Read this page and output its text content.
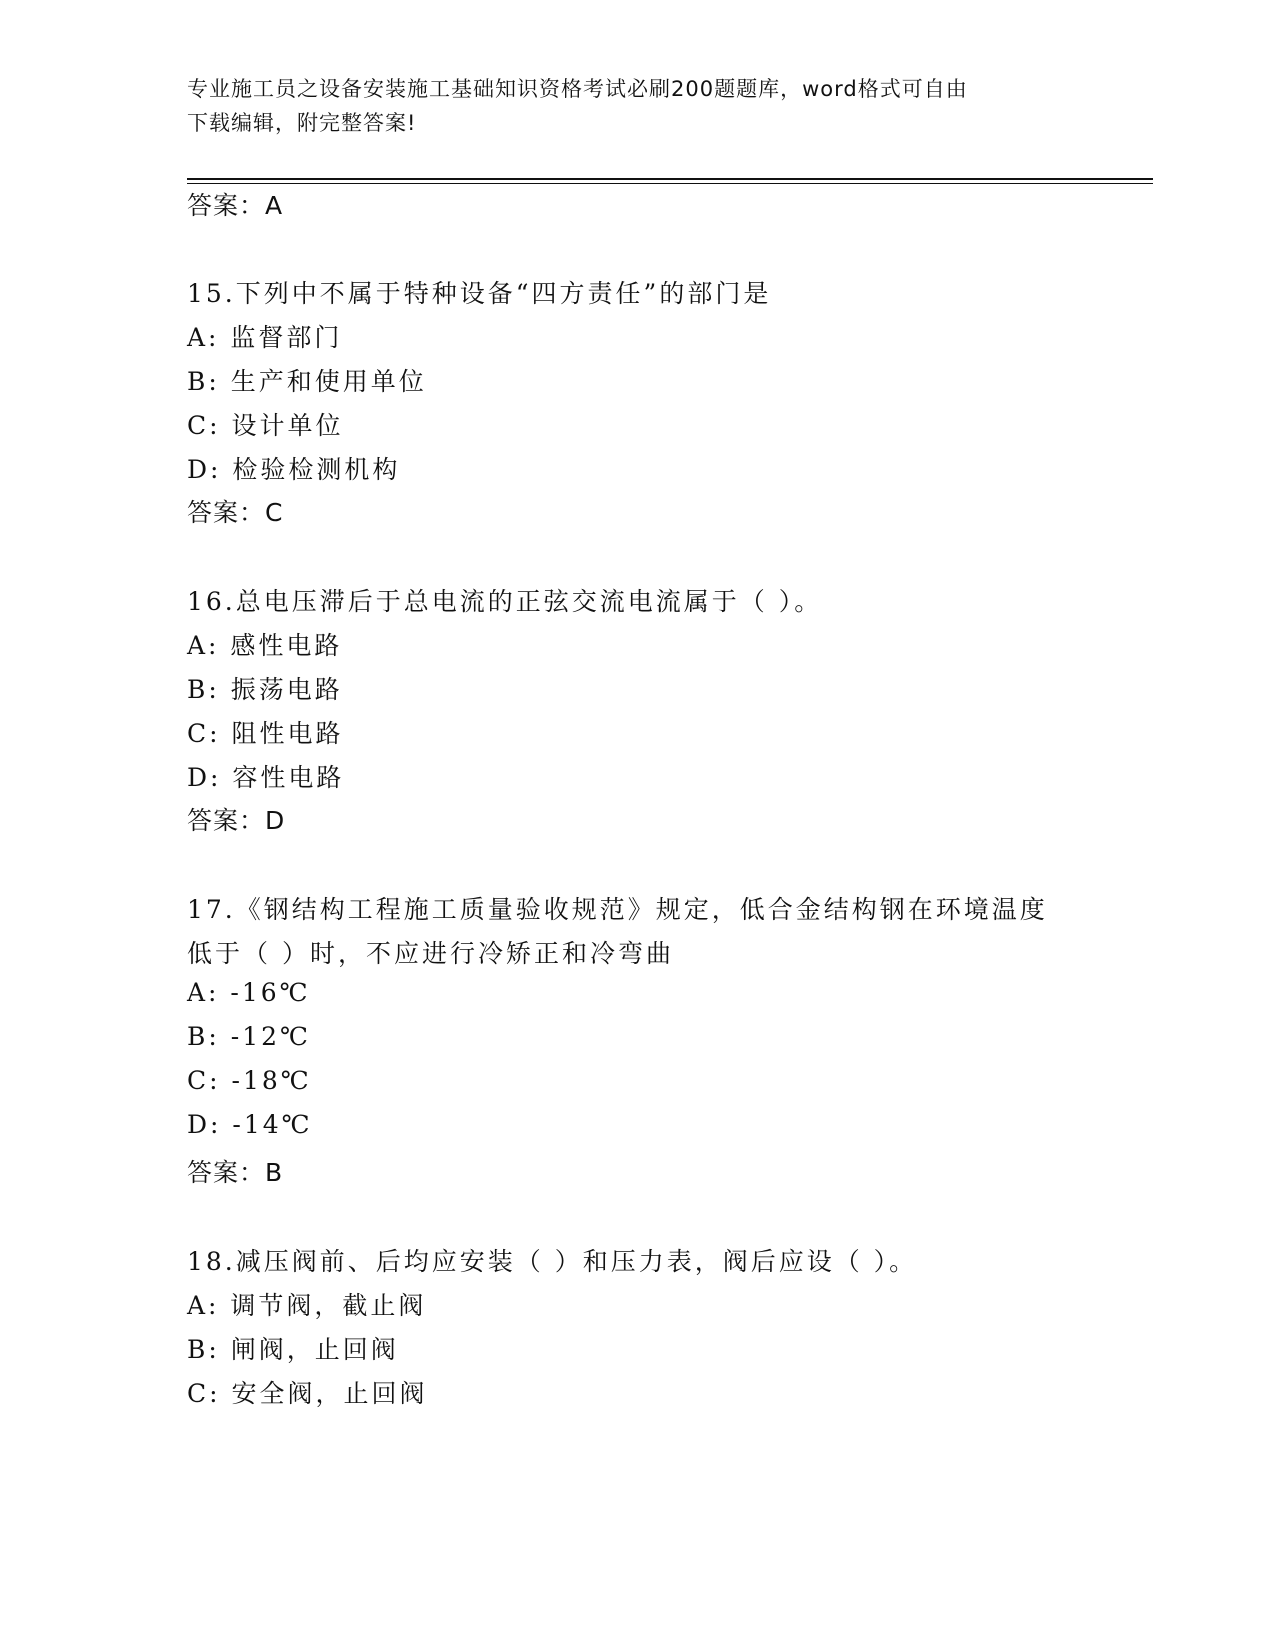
专业施工员之设备安装施工基础知识资格考试必刷200题题库，word格式可自由
下载编辑，附完整答案!
答案：A
15.下列中不属于特种设备“四方责任”的部门是
A: 监督部门
B: 生产和使用单位
C: 设计单位
D: 检验检测机构
答案：C
16.总电压滞后于总电流的正弦交流电流属于（ ）。
A: 感性电路
B: 振荡电路
C: 阻性电路
D: 容性电路
答案：D
17.《钢结构工程施工质量验收规范》规定，低合金结构钢在环境温度
低于（ ）时，不应进行冷矫正和冷弯曲
A: -16℃
B: -12℃
C: -18℃
D: -14℃
答案：B
18.减压阀前、后均应安装（ ）和压力表，阀后应设（ ）。
A: 调节阀，截止阀
B: 闸阀，止回阀
C: 安全阀，止回阀
